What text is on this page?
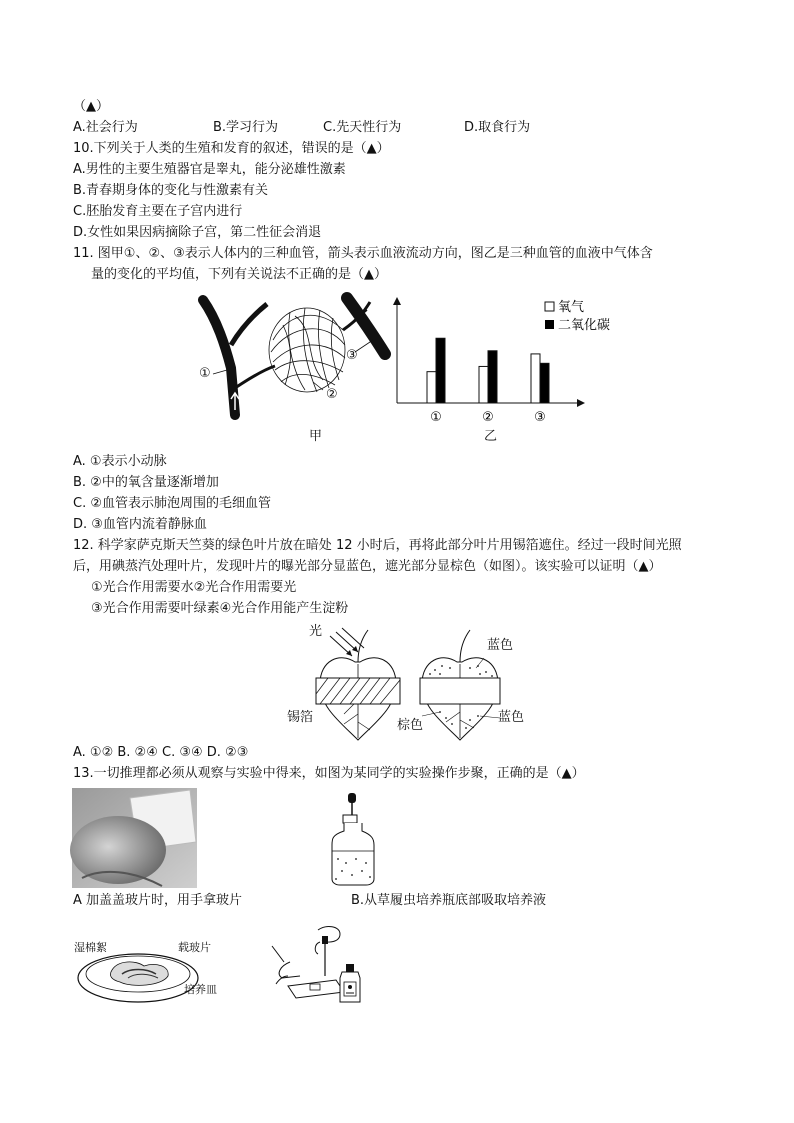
（▲）
A.社会行为	B.学习行为	C.先天性行为	D.取食行为
10.下列关于人类的生殖和发育的叙述，错误的是（▲）
A.男性的主要生殖器官是睾丸，能分泌雄性激素
B.青春期身体的变化与性激素有关
C.胚胎发育主要在子宫内进行
D.女性如果因病摘除子宫，第二性征会消退
11. 图甲①、②、③表示人体内的三种血管，箭头表示血液流动方向，图乙是三种血管的血液中气体含
量的变化的平均值，下列有关说法不正确的是（▲）
①
②
③
甲
①	②	③
氧气
二氧化碳
乙
A. ①表示小动脉
B. ②中的氧含量逐渐增加
C. ②血管表示肺泡周围的毛细血管
D. ③血管内流着静脉血
12. 科学家萨克斯天竺葵的绿色叶片放在暗处 12 小时后，再将此部分叶片用锡箔遮住。经过一段时间光照
后，用碘蒸汽处理叶片，发现叶片的曝光部分显蓝色，遮光部分显棕色（如图）。该实验可以证明（▲）
①光合作用需要水②光合作用需要光
③光合作用需要叶绿素④光合作用能产生淀粉
光
蓝色
锡箔
棕色
蓝色
A. ①② B. ②④ C. ③④ D. ②③
13.一切推理都必须从观察与实验中得来，如图为某同学的实验操作步聚，正确的是（▲）
A 加盖盖玻片时，用手拿玻片	B.从草履虫培养瓶底部吸取培养液
湿棉絮	载玻片
培养皿
